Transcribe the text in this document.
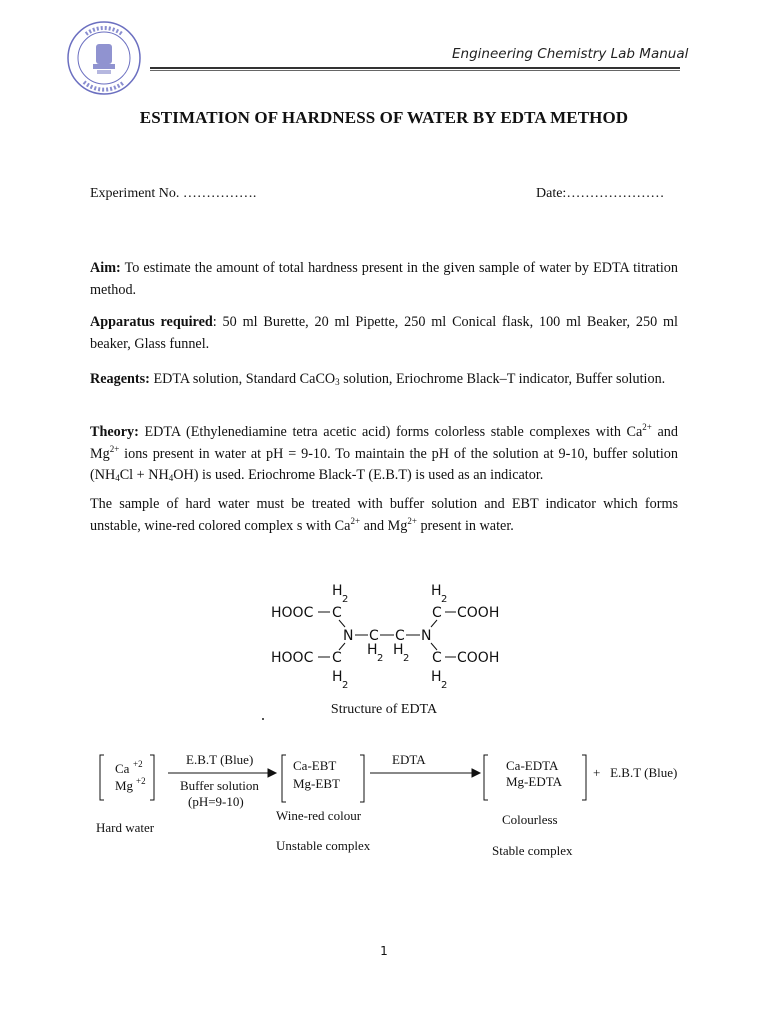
Engineering Chemistry Lab Manual
ESTIMATION OF HARDNESS OF WATER BY EDTA METHOD
Experiment No. …………….	Date:…………………

Aim: To estimate the amount of total hardness present in the given sample of water by EDTA titration method.

Apparatus required: 50 ml Burette, 20 ml Pipette, 250 ml Conical flask, 100 ml Beaker, 250 ml beaker, Glass funnel.

Reagents: EDTA solution, Standard CaCO$_3$ solution, Eriochrome Black–T indicator, Buffer solution.

Theory: EDTA (Ethylenediamine tetra acetic acid) forms colorless stable complexes with $Ca^{2+}$ and $Mg^{2+}$ ions present in water at pH = 9-10. To maintain the pH of the solution at 9-10, buffer solution $(NH_4Cl + NH_4OH)$ is used. Eriochrome Black-T (E.B.T) is used as an indicator.

The sample of hard water must be treated with buffer solution and EBT indicator which forms unstable, wine-red colored complex s with $Ca^{2+}$ and $Mg^{2+}$ present in water.

H
2
H
2
HOOC C	C COOH
N C C N
H
2
H
2
HOOC C	C COOH
H
2
H
2
Structure of EDTA
Ca +2
Mg +2
Hard water
E.B.T (Blue)
Buffer solution
(pH=9-10)
Ca-EBT
Mg-EBT
Wine-red colour
Unstable complex
EDTA	Ca-EDTA
Mg-EDTA
+   E.B.T (Blue)
Colourless
Stable complex
1
